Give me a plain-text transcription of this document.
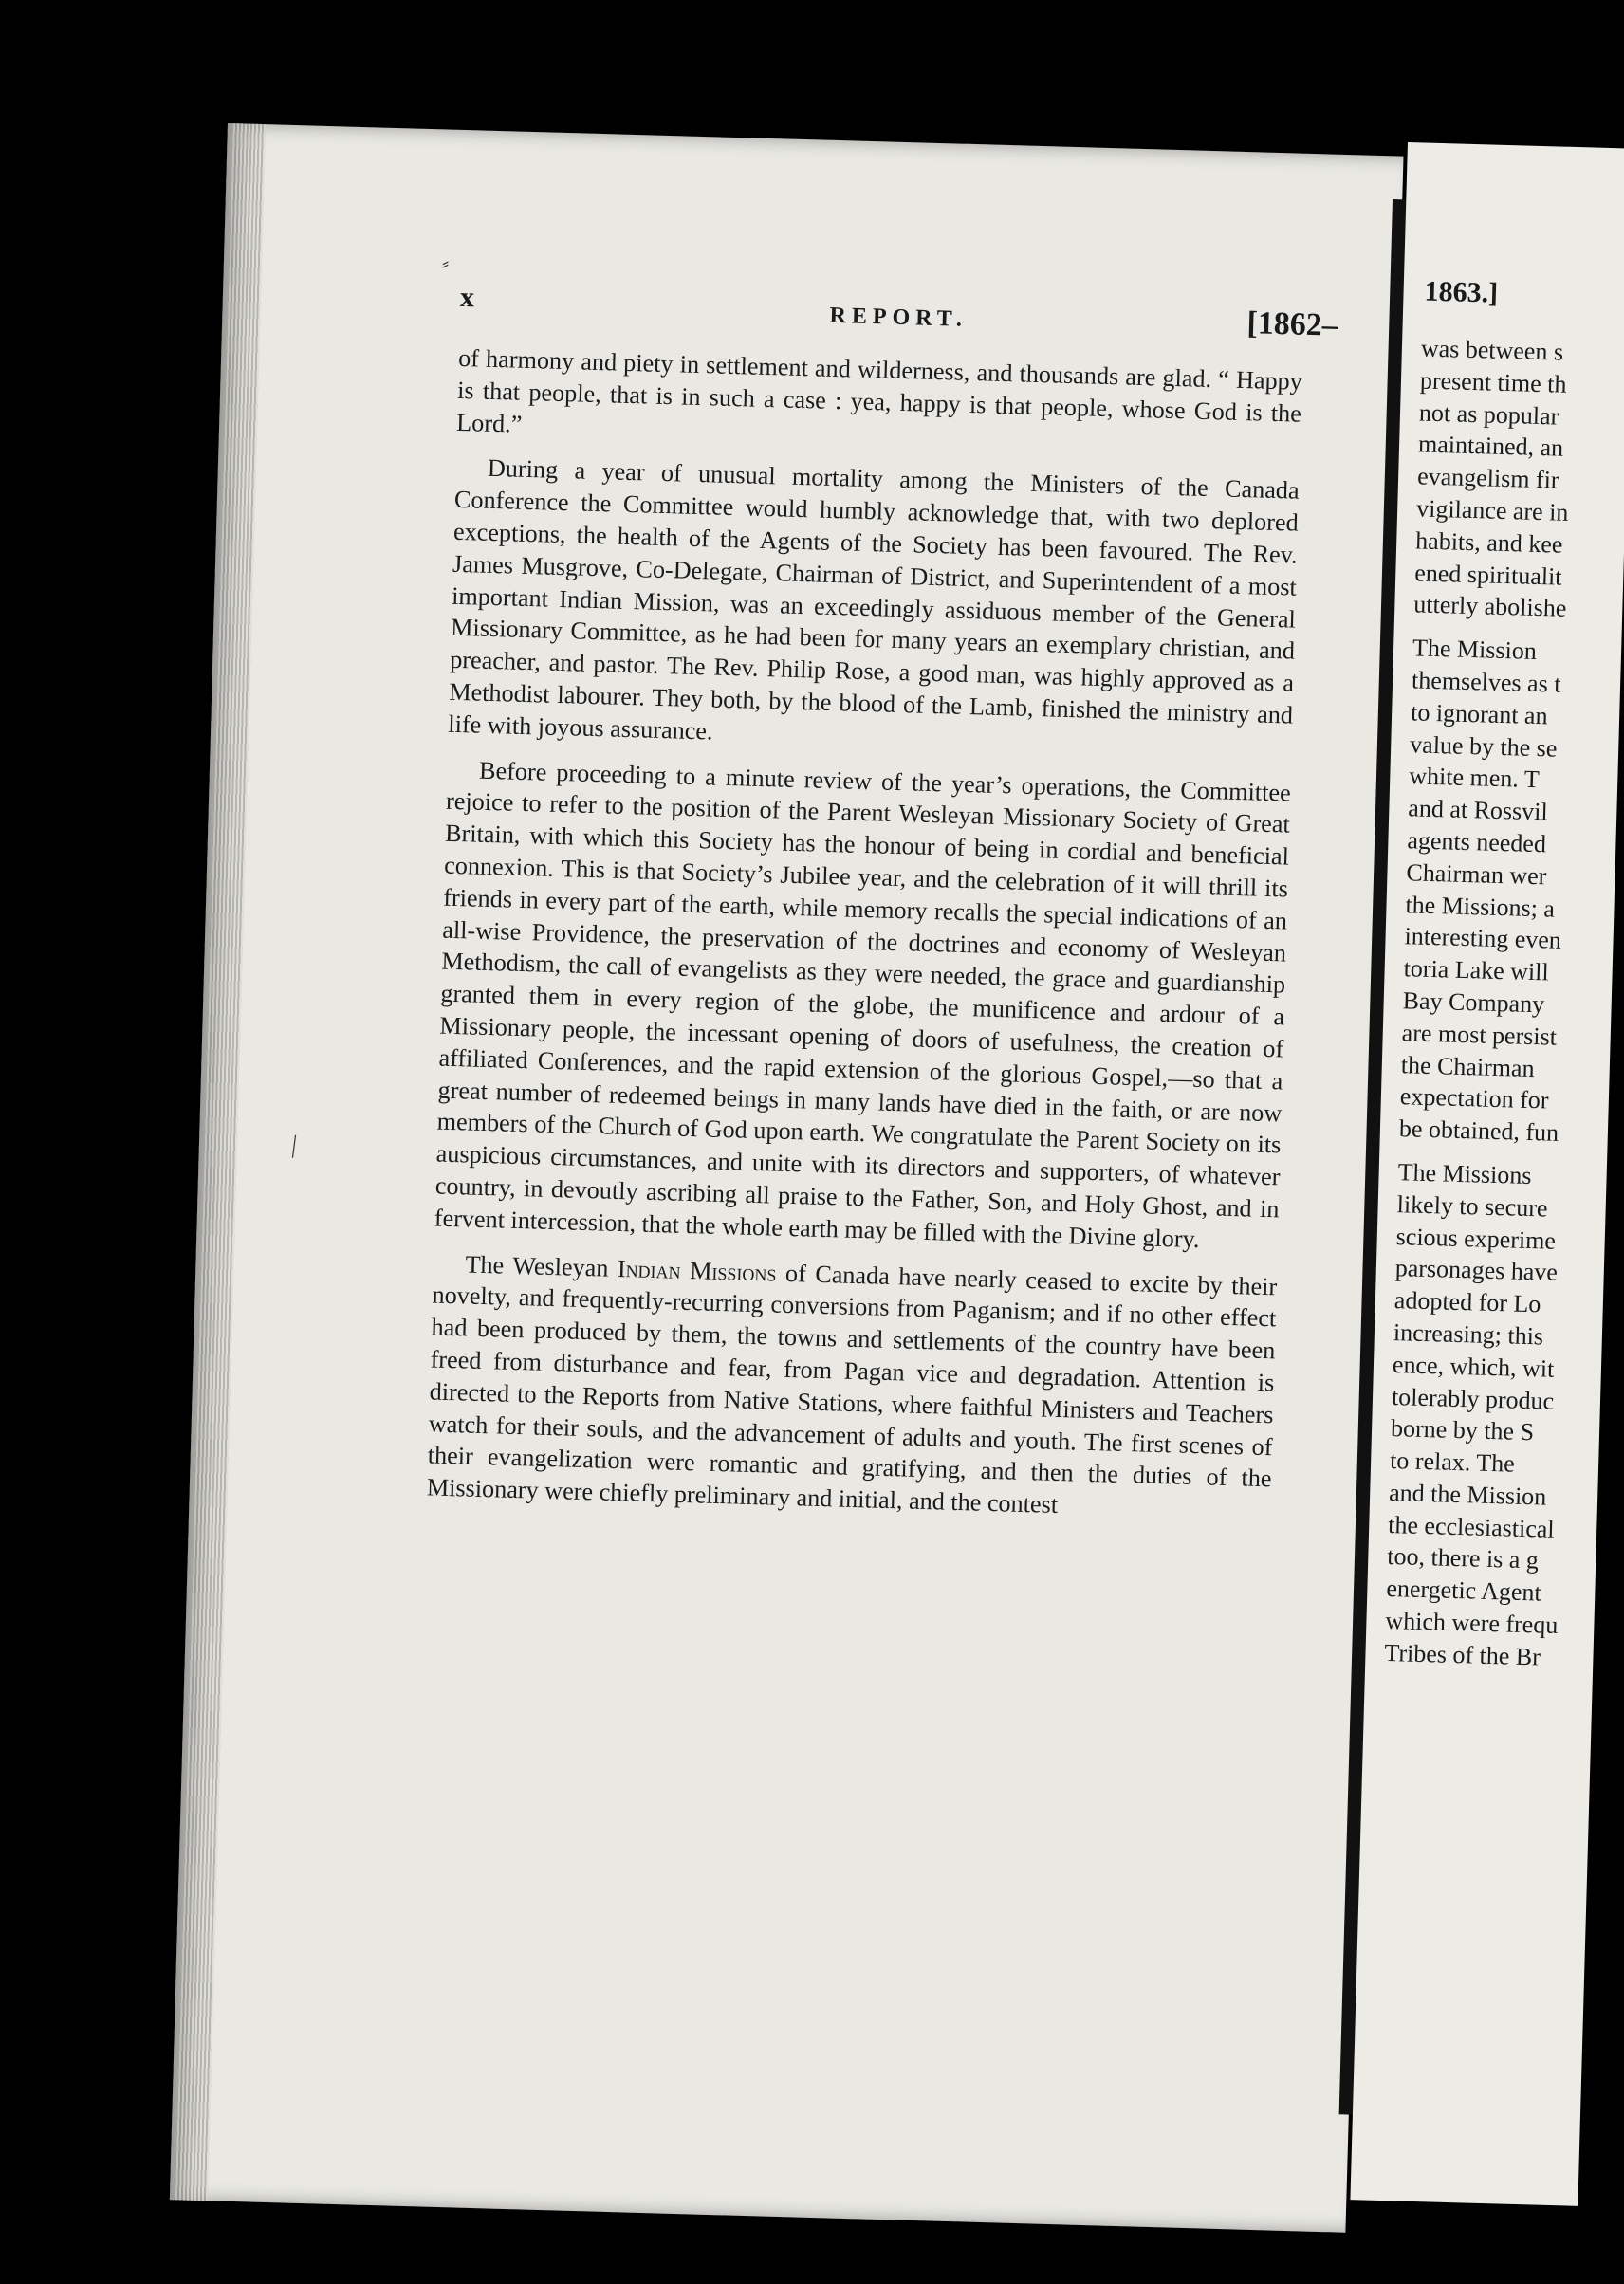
1863.]
was between s
present time th
not as popular
maintained, an
evangelism fir
vigilance are in
habits, and kee
ened spiritualit
utterly abolishe
The Mission
themselves as t
to ignorant an
value by the se
white men. T
and at Rossvil
agents needed
Chairman wer
the Missions; a
interesting even
toria Lake will
Bay Company
are most persist
the Chairman
expectation for
be obtained, fun
The Missions
likely to secure
scious experime
parsonages have
adopted for Lo
increasing; this
ence, which, wit
tolerably produc
borne by the S
to relax. The
and the Mission
the ecclesiastical
too, there is a g
energetic Agent
which were frequ
Tribes of the Br
x
REPORT.	[1862–

of harmony and piety in settlement and wilderness, and thousands are glad. “ Happy is that people, that is in such a case : yea, happy is that people, whose God is the Lord.”

During a year of unusual mortality among the Ministers of the Canada Conference the Committee would humbly acknowledge that, with two deplored exceptions, the health of the Agents of the Society has been favoured. The Rev. James Musgrove, Co-Delegate, Chairman of District, and Superintendent of a most important Indian Mission, was an exceedingly assiduous member of the General Missionary Committee, as he had been for many years an exemplary christian, and preacher, and pastor. The Rev. Philip Rose, a good man, was highly approved as a Methodist labourer. They both, by the blood of the Lamb, finished the ministry and life with joyous assurance.

Before proceeding to a minute review of the year’s operations, the Committee rejoice to refer to the position of the Parent Wesleyan Missionary Society of Great Britain, with which this Society has the honour of being in cordial and beneficial connexion. This is that Society’s Jubilee year, and the celebration of it will thrill its friends in every part of the earth, while memory recalls the special indications of an all-wise Providence, the preservation of the doctrines and economy of Wesleyan Methodism, the call of evangelists as they were needed, the grace and guardianship granted them in every region of the globe, the munificence and ardour of a Missionary people, the incessant opening of doors of usefulness, the creation of affiliated Conferences, and the rapid extension of the glorious Gospel,—so that a great number of redeemed beings in many lands have died in the faith, or are now members of the Church of God upon earth. We congratulate the Parent Society on its auspicious circumstances, and unite with its directors and supporters, of whatever country, in devoutly ascribing all praise to the Father, Son, and Holy Ghost, and in fervent intercession, that the whole earth may be filled with the Divine glory.

The Wesleyan Indian Missions of Canada have nearly ceased to excite by their novelty, and frequently-recurring conversions from Paganism; and if no other effect had been produced by them, the towns and settlements of the country have been freed from disturbance and fear, from Pagan vice and degradation. Attention is directed to the Reports from Native Stations, where faithful Ministers and Teachers watch for their souls, and the advancement of adults and youth. The first scenes of their evangelization were romantic and gratifying, and then the duties of the Missionary were chiefly preliminary and initial, and the contest

⁄
⸗
